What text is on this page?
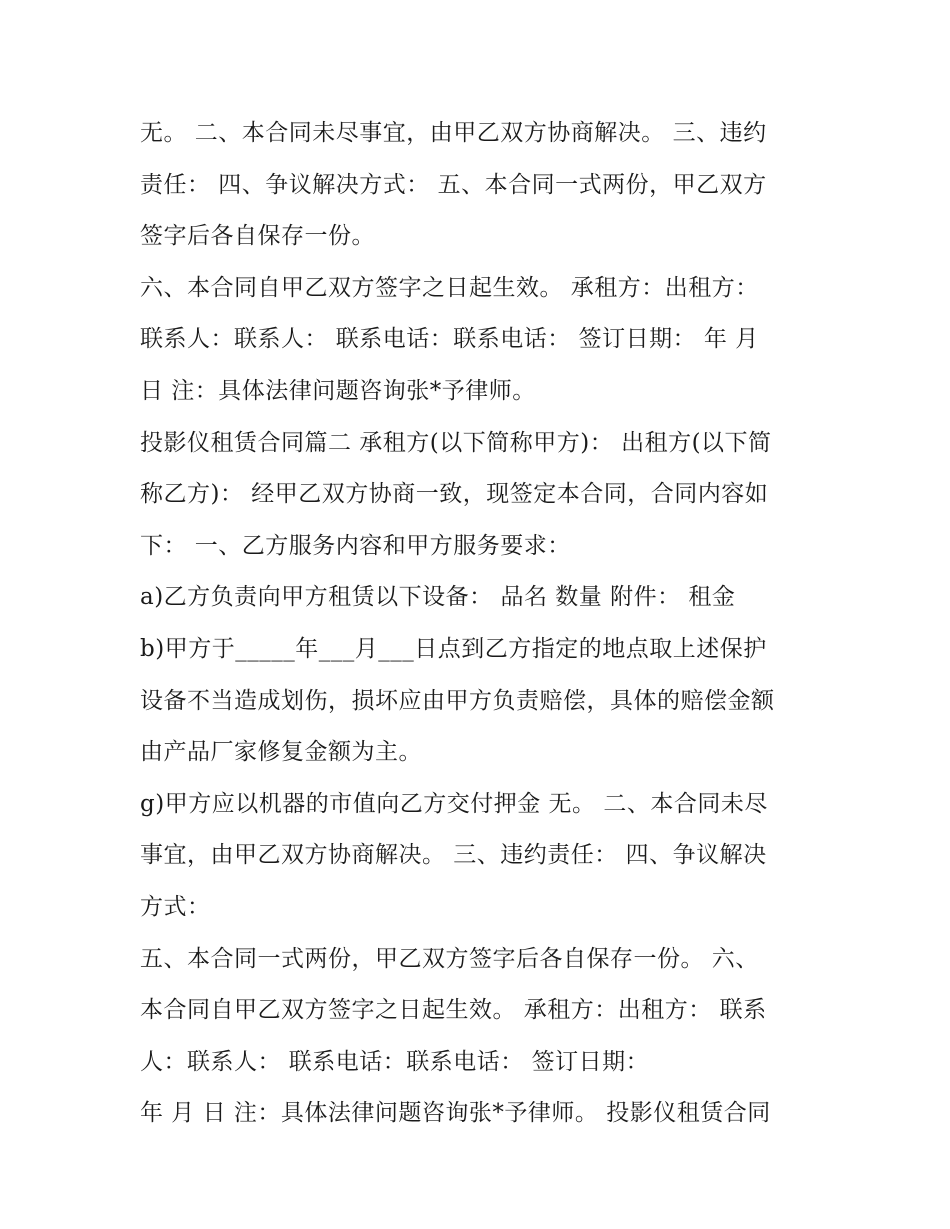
无。 二、本合同未尽事宜，由甲乙双方协商解决。 三、违约
责任： 四、争议解决方式： 五、本合同一式两份，甲乙双方
签字后各自保存一份。
六、本合同自甲乙双方签字之日起生效。 承租方：出租方：
联系人：联系人： 联系电话：联系电话： 签订日期： 年 月
日 注：具体法律问题咨询张*予律师。
投影仪租赁合同篇二 承租方(以下简称甲方)： 出租方(以下简
称乙方)： 经甲乙双方协商一致，现签定本合同，合同内容如
下： 一、乙方服务内容和甲方服务要求：
a)乙方负责向甲方租赁以下设备： 品名 数量 附件： 租金
b)甲方于_____年___月___日点到乙方指定的地点取上述保护
设备不当造成划伤，损坏应由甲方负责赔偿，具体的赔偿金额
由产品厂家修复金额为主。
g)甲方应以机器的市值向乙方交付押金 无。 二、本合同未尽
事宜，由甲乙双方协商解决。 三、违约责任： 四、争议解决
方式：
五、本合同一式两份，甲乙双方签字后各自保存一份。 六、
本合同自甲乙双方签字之日起生效。 承租方：出租方： 联系
人：联系人： 联系电话：联系电话： 签订日期：
年 月 日 注：具体法律问题咨询张*予律师。 投影仪租赁合同
